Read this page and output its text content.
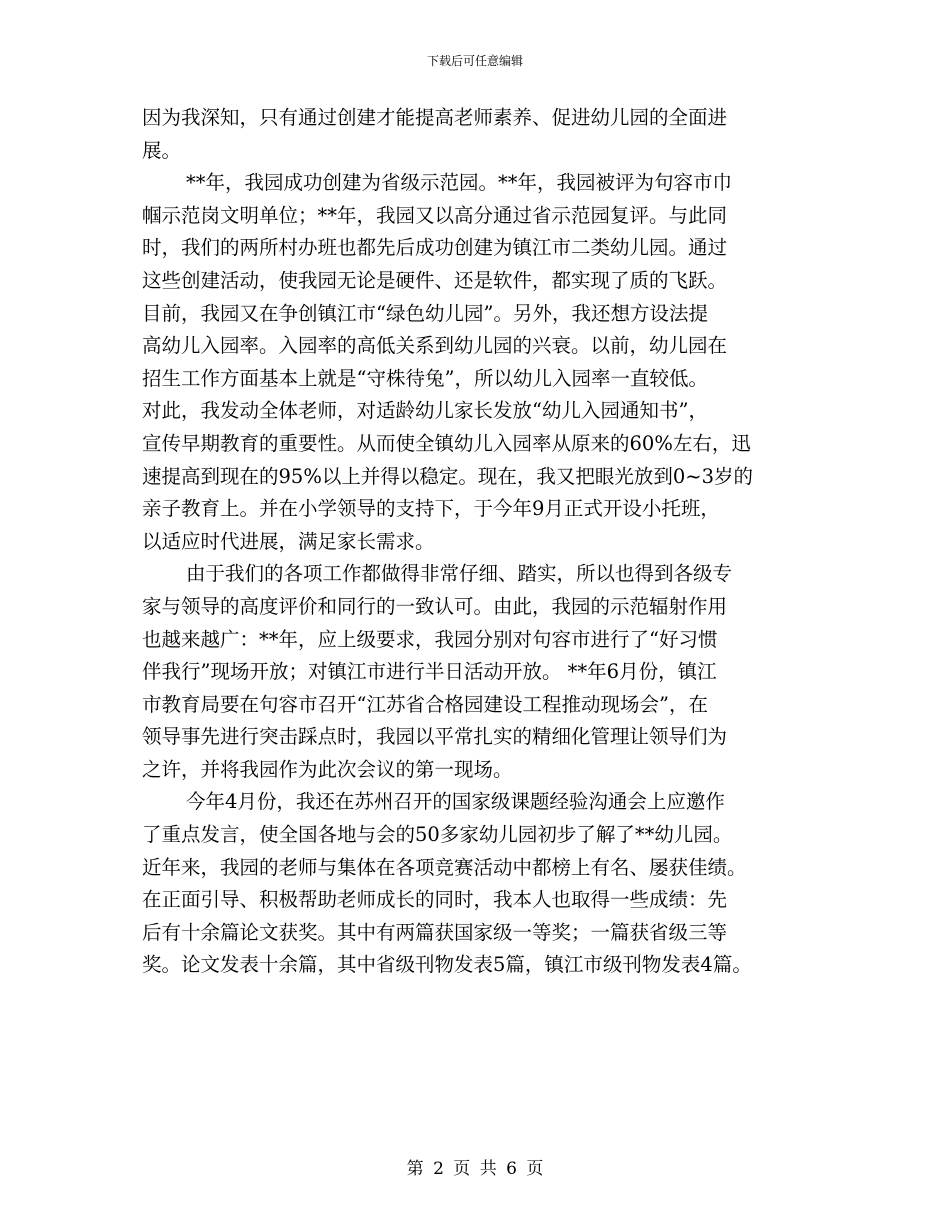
下载后可任意编辑
因为我深知，只有通过创建才能提高老师素养、促进幼儿园的全面进
展。
**年，我园成功创建为省级示范园。**年，我园被评为句容市巾
帼示范岗文明单位；**年，我园又以高分通过省示范园复评。与此同
时，我们的两所村办班也都先后成功创建为镇江市二类幼儿园。通过
这些创建活动，使我园无论是硬件、还是软件，都实现了质的飞跃。
目前，我园又在争创镇江市“绿色幼儿园”。另外，我还想方设法提
高幼儿入园率。入园率的高低关系到幼儿园的兴衰。以前，幼儿园在
招生工作方面基本上就是“守株待兔”，所以幼儿入园率一直较低。
对此，我发动全体老师，对适龄幼儿家长发放“幼儿入园通知书”，
宣传早期教育的重要性。从而使全镇幼儿入园率从原来的60%左右，迅
速提高到现在的95%以上并得以稳定。现在，我又把眼光放到0~3岁的
亲子教育上。并在小学领导的支持下，于今年9月正式开设小托班，
以适应时代进展，满足家长需求。
由于我们的各项工作都做得非常仔细、踏实，所以也得到各级专
家与领导的高度评价和同行的一致认可。由此，我园的示范辐射作用
也越来越广：**年，应上级要求，我园分别对句容市进行了“好习惯
伴我行”现场开放；对镇江市进行半日活动开放。 **年6月份，镇江
市教育局要在句容市召开“江苏省合格园建设工程推动现场会”，在
领导事先进行突击踩点时，我园以平常扎实的精细化管理让领导们为
之许，并将我园作为此次会议的第一现场。
今年4月份，我还在苏州召开的国家级课题经验沟通会上应邀作
了重点发言，使全国各地与会的50多家幼儿园初步了解了**幼儿园。
近年来，我园的老师与集体在各项竞赛活动中都榜上有名、屡获佳绩。
在正面引导、积极帮助老师成长的同时，我本人也取得一些成绩：先
后有十余篇论文获奖。其中有两篇获国家级一等奖；一篇获省级三等
奖。论文发表十余篇，其中省级刊物发表5篇，镇江市级刊物发表4篇。
第 2 页 共 6 页
